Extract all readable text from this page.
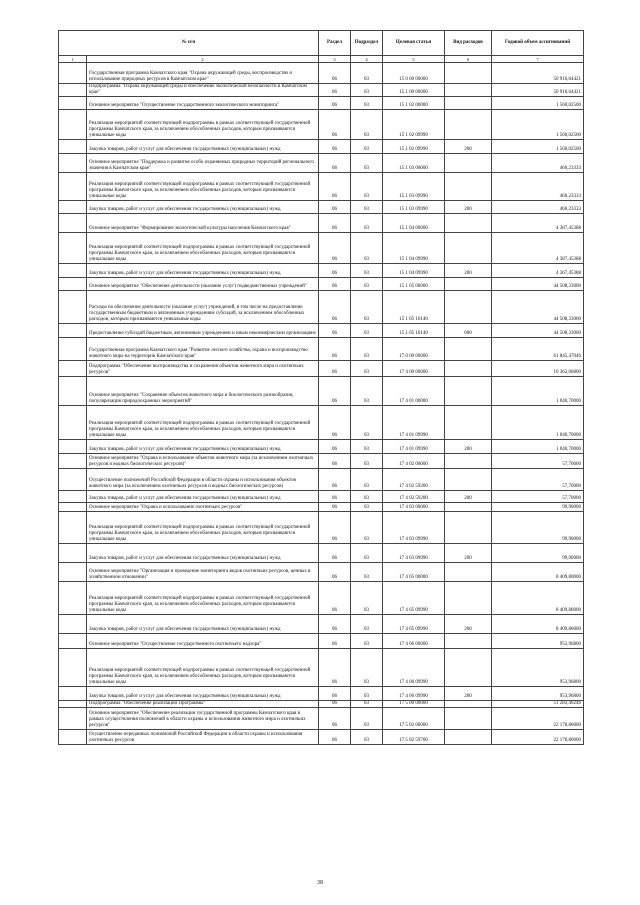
№ п/п		Раздел	Подраздел	Целевая статья	Вид расходов	Годовой объем ассигнований
1	2	3	4	5	6	7
	Государственная программа Камчатского края "Охрана окружающей среды, воспроизводство и использование природных ресурсов в Камчатском крае"	06	03	15 0 00 00000		50 916,64421
	Подпрограмма "Охрана окружающей среды и обеспечение экологической безопасности в Камчатском крае"	06	03	15 1 00 00000		50 916,64421
	Основное мероприятие "Осуществление государственного экологического мониторинга"	06	03	15 1 02 00000		1 560,02500
	Реализация мероприятий соответствующей подпрограммы в рамках соответствующей государственной программы Камчатского края, за исключением обособленных расходов, которым присваиваются уникальные коды	06	03	15 1 02 09990		1 560,02500
	Закупка товаров, работ и услуг для обеспечения государственных (муниципальных) нужд	06	03	15 1 02 09990	200	1 560,02500
	Основное мероприятие "Поддержка и развитие особо охраняемых природных территорий регионального значения в Камчатском крае"	06	03	15 1 03 00000		460,23333
	Реализация мероприятий соответствующей подпрограммы в рамках соответствующей государственной программы Камчатского края, за исключением обособленных расходов, которым присваиваются уникальные коды	06	03	15 1 03 09990		460,23333
	Закупка товаров, работ и услуг для обеспечения государственных (муниципальных) нужд	06	03	15 1 03 09990	200	460,23333
	Основное мероприятие "Формирование экологической культуры населения Камчатского края"	06	03	15 1 04 00000		4 387,45388
	Реализация мероприятий соответствующей подпрограммы в рамках соответствующей государственной программы Камчатского края, за исключением обособленных расходов, которым присваиваются уникальные коды	06	03	15 1 04 09990		4 387,45388
	Закупка товаров, работ и услуг для обеспечения государственных (муниципальных) нужд	06	03	15 1 04 09990	200	4 367,45388
	Основное мероприятие "Обеспечение деятельности (оказание услуг) подведомственных учреждений"	06	03	15 1 05 00000		44 508,33000
	Расходы на обеспечение деятельности (оказание услуг) учреждений, в том числе на предоставление государственным бюджетным и автономным учреждениям субсидий, за исключением обособленных расходов, которым присваиваются уникальные коды	06	03	15 1 05 10140		44 508,33000
	Предоставление субсидий бюджетным, автономным учреждениям и иным некоммерческим организациям	06	03	15 1 05 10140	600	44 508,33000
	Государственная программа Камчатского края "Развитие лесного хозяйства, охрана и воспроизводство животного мира на территории Камчатского края"	06	03	17 0 00 00000		61 845,47046
	Подпрограмма "Обеспечение воспроизводства и сохранения объектов животного мира и охотничьих ресурсов"	06	03	17 4 00 00000		10 362,06800
	Основное мероприятие "Сохранение объектов животного мира и биологического разнообразия, популяризация природоохранных мероприятий"	06	03	17 4 01 00000		1 040,70000
	Реализация мероприятий соответствующей подпрограммы в рамках соответствующей государственной программы Камчатского края, за исключением обособленных расходов, которым присваиваются уникальные коды	06	03	17 4 01 09990		1 040,70000
	Закупка товаров, работ и услуг для обеспечения государственных (муниципальных) нужд	06	03	17 4 01 09990	200	1 040,70000
	Основное мероприятие "Охрана и использование объектов животного мира (за исключением охотничьих ресурсов и водных биологических ресурсов)"	06	03	17 4 02 00000		57,70000
	Осуществление полномочий Российской Федерации в области охраны и использования объектов животного мира (за исключением охотничьих ресурсов и водных биологических ресурсов)	06	03	17 4 02 59200		57,70000
	Закупка товаров, работ и услуг для обеспечения государственных (муниципальных) нужд	06	03	17 4 02 59200	200	57,70000
	Основное мероприятие "Охрана и использование охотничьих ресурсов"	06	03	17 4 03 00000		99,90000
	Реализация мероприятий соответствующей подпрограммы в рамках соответствующей государственной программы Камчатского края, за исключением обособленных расходов, которым присваиваются уникальные коды	06	03	17 4 03 09990		99,90000
	Закупка товаров, работ и услуг для обеспечения государственных (муниципальных) нужд	06	03	17 4 03 09990	200	99,90000
	Основное мероприятие "Организация и проведение мониторинга видов охотничьих ресурсов, ценных в хозяйственном отношении"	06	03	17 4 05 00000		8 409,80000
	Реализация мероприятий соответствующей подпрограммы в рамках соответствующей государственной программы Камчатского края, за исключением обособленных расходов, которым присваиваются уникальные коды	06	03	17 4 05 09990		8 409,80000
	Закупка товаров, работ и услуг для обеспечения государственных (муниципальных) нужд	06	03	17 4 05 09990	200	8 409,80000
	Основное мероприятие "Осуществление государственного охотничьего надзора"	06	03	17 4 06 00000		953,96800
	Реализация мероприятий соответствующей подпрограммы в рамках соответствующей государственной программы Камчатского края, за исключением обособленных расходов, которым присваиваются уникальные коды	06	03	17 4 06 09990		953,96800
	Закупка товаров, работ и услуг для обеспечения государственных (муниципальных) нужд	06	03	17 4 06 09990	200	953,96800
	Подпрограмма "Обеспечение реализации Программы"	06	03	17 5 00 00000		51 283,40246
	Основное мероприятие "Обеспечение реализации государственной программы Камчатского края в рамках осуществления полномочий в области охраны и использования животного мира и охотничьих ресурсов"	06	03	17 5 02 00000		22 178,80000
	Осуществление переданных полномочий Российской Федерации в области охраны и использования охотничьих ресурсов	06	03	17 5 02 59700		22 178,80000
38
